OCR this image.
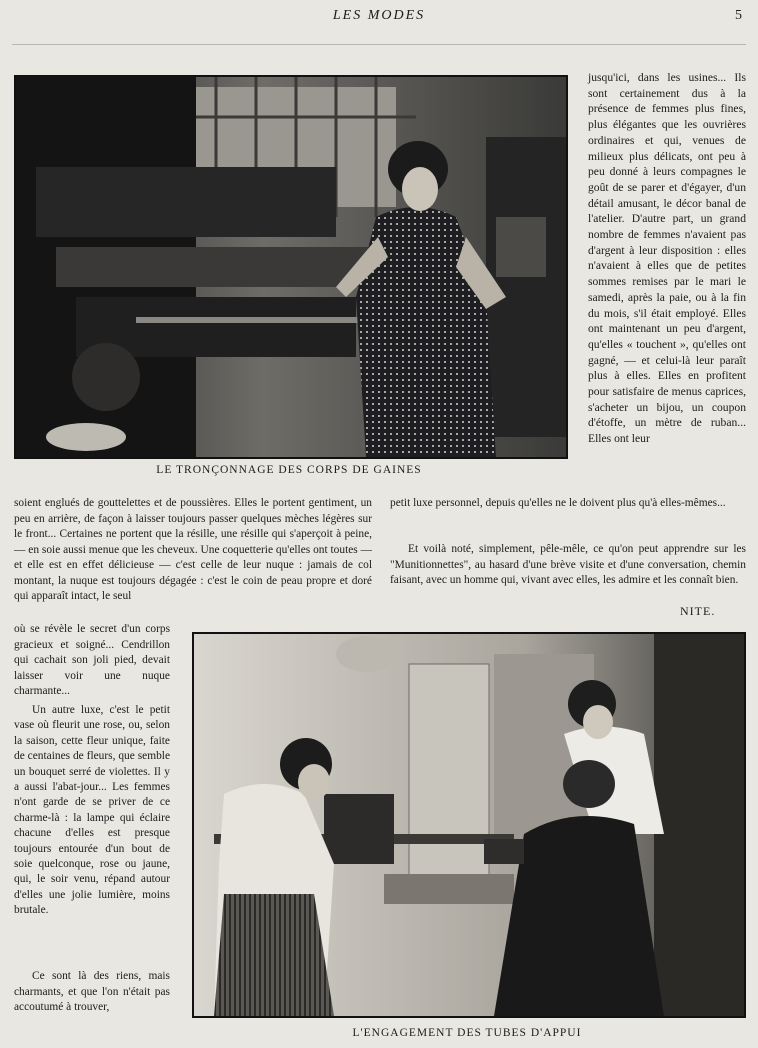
LES MODES	5
LE TRONÇONNAGE DES CORPS DE GAINES

jusqu'ici, dans les usines... Ils sont certainement dus à la présence de femmes plus fines, plus élégantes que les ouvrières ordinaires et qui, venues de milieux plus délicats, ont peu à peu donné à leurs compagnes le goût de se parer et d'égayer, d'un détail amusant, le décor banal de l'atelier. D'autre part, un grand nombre de femmes n'avaient pas d'argent à leur disposition : elles n'avaient à elles que de petites sommes remises par le mari le samedi, après la paie, ou à la fin du mois, s'il était employé. Elles ont maintenant un peu d'argent, qu'elles « touchent », qu'elles ont gagné, — et celui-là leur paraît plus à elles. Elles en profitent pour satisfaire de menus caprices, s'acheter un bijou, un coupon d'étoffe, un mètre de ruban... Elles ont leur

soient englués de gouttelettes et de poussières. Elles le portent gentiment, un peu en arrière, de façon à laisser toujours passer quelques mèches légères sur le front... Certaines ne portent que la résille, une résille qui s'aperçoit à peine, — en soie aussi menue que les cheveux. Une coquetterie qu'elles ont toutes — et elle est en effet délicieuse — c'est celle de leur nuque : jamais de col montant, la nuque est toujours dégagée : c'est le coin de peau propre et doré qui apparaît intact, le seul

petit luxe personnel, depuis qu'elles ne le doivent plus qu'à elles-mêmes...

Et voilà noté, simplement, pêle-mêle, ce qu'on peut apprendre sur les "Munitionnettes", au hasard d'une brève visite et d'une conversation, chemin faisant, avec un homme qui, vivant avec elles, les admire et les connaît bien.

NITE.

où se révèle le secret d'un corps gracieux et soigné... Cendrillon qui cachait son joli pied, devait laisser voir une nuque charmante...

Un autre luxe, c'est le petit vase où fleurit une rose, ou, selon la saison, cette fleur unique, faite de centaines de fleurs, que semble un bouquet serré de violettes. Il y a aussi l'abat-jour... Les femmes n'ont garde de se priver de ce charme-là : la lampe qui éclaire chacune d'elles est presque toujours entourée d'un bout de soie quelconque, rose ou jaune, qui, le soir venu, répand autour d'elles une jolie lumière, moins brutale.

Ce sont là des riens, mais charmants, et que l'on n'était pas accoutumé à trouver,

L'ENGAGEMENT DES TUBES D'APPUI
